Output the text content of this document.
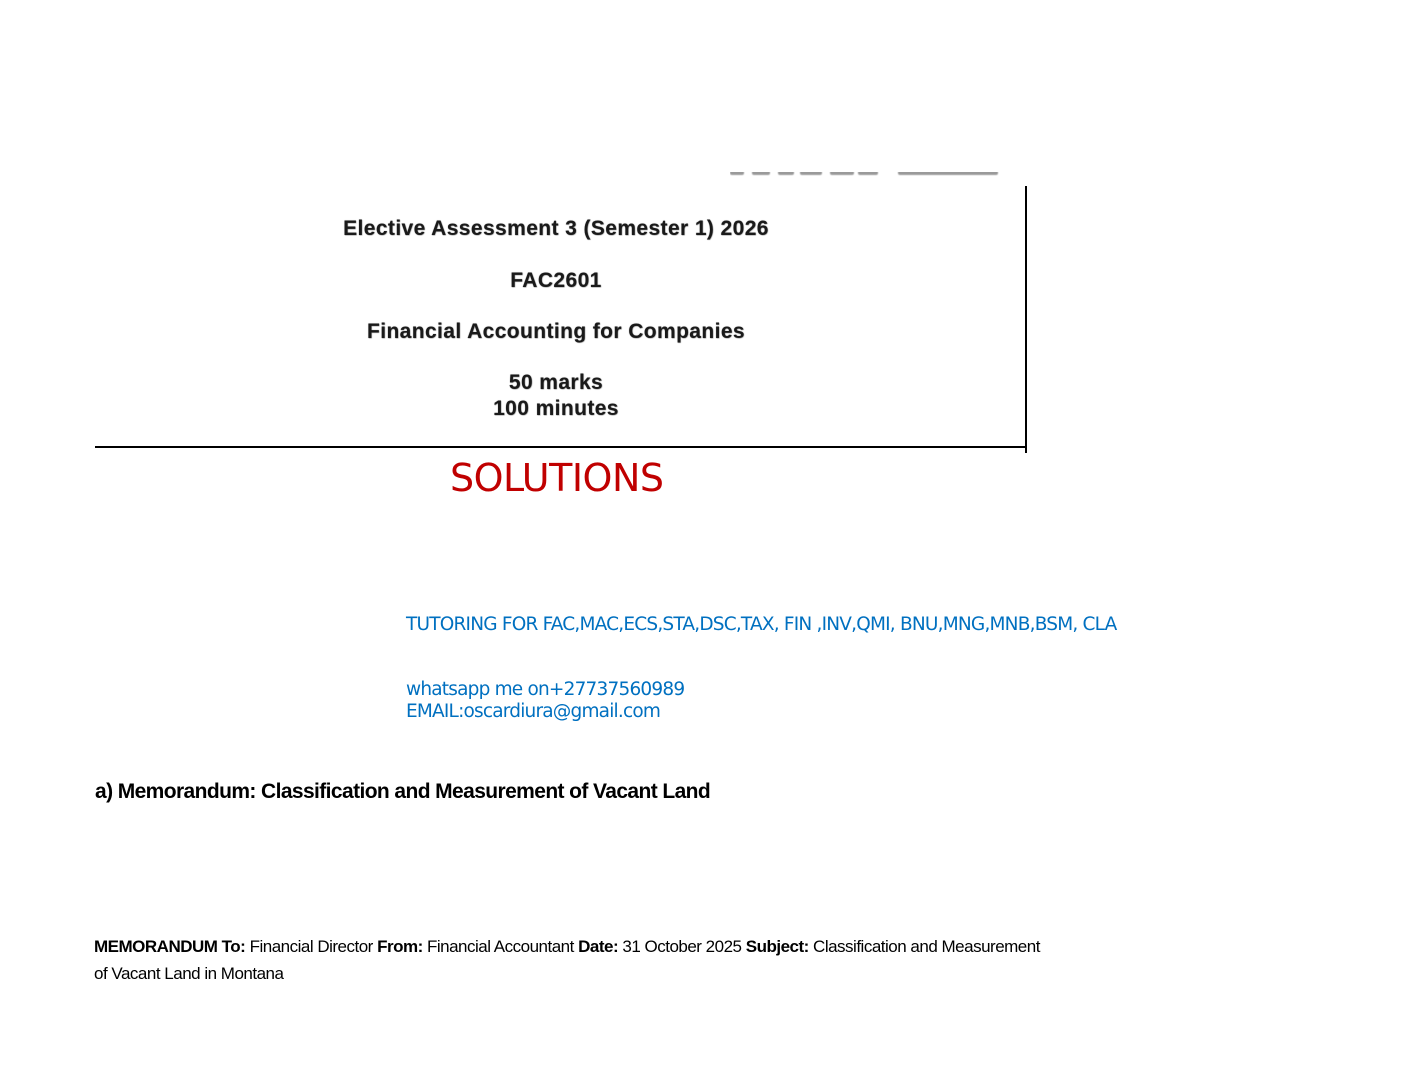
Elective Assessment 3 (Semester 1) 2026
FAC2601
Financial Accounting for Companies
50 marks
100 minutes
SOLUTIONS
TUTORING FOR FAC,MAC,ECS,STA,DSC,TAX, FIN ,INV,QMI, BNU,MNG,MNB,BSM, CLA
whatsapp me on+27737560989
EMAIL:oscardiura@gmail.com
a) Memorandum: Classification and Measurement of Vacant Land
MEMORANDUM To: Financial Director From: Financial Accountant Date: 31 October 2025 Subject: Classification and Measurement of Vacant Land in Montana
